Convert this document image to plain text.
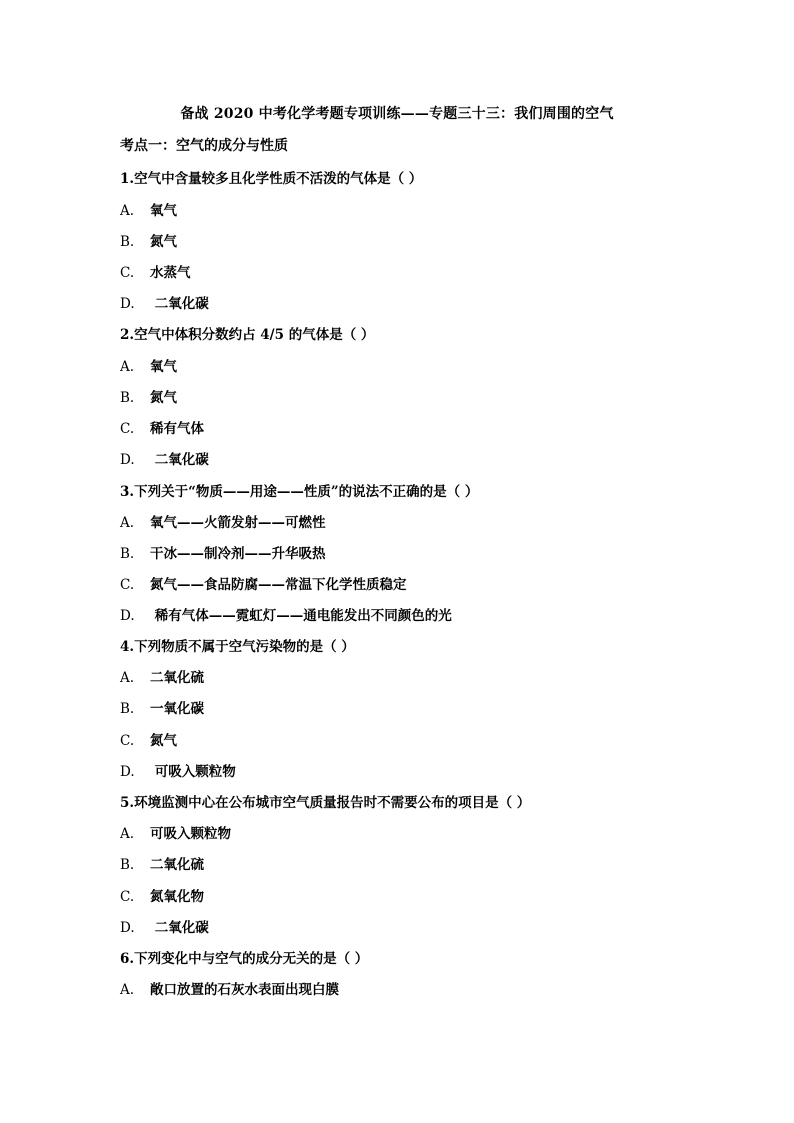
备战 2020 中考化学考题专项训练——专题三十三：我们周围的空气
考点一：空气的成分与性质
1.空气中含量较多且化学性质不活泼的气体是（ ）
A. 氧气
B. 氮气
C. 水蒸气
D. 二氧化碳
2.空气中体积分数约占 4/5 的气体是（ ）
A. 氧气
B. 氮气
C. 稀有气体
D. 二氧化碳
3.下列关于“物质——用途——性质”的说法不正确的是（ ）
A. 氧气——火箭发射——可燃性
B. 干冰——制冷剂——升华吸热
C. 氮气——食品防腐——常温下化学性质稳定
D. 稀有气体——霓虹灯——通电能发出不同颜色的光
4.下列物质不属于空气污染物的是（ ）
A. 二氧化硫
B. 一氧化碳
C. 氮气
D. 可吸入颗粒物
5.环境监测中心在公布城市空气质量报告时不需要公布的项目是（ ）
A. 可吸入颗粒物
B. 二氧化硫
C. 氮氧化物
D. 二氧化碳
6.下列变化中与空气的成分无关的是（ ）
A. 敞口放置的石灰水表面出现白膜
